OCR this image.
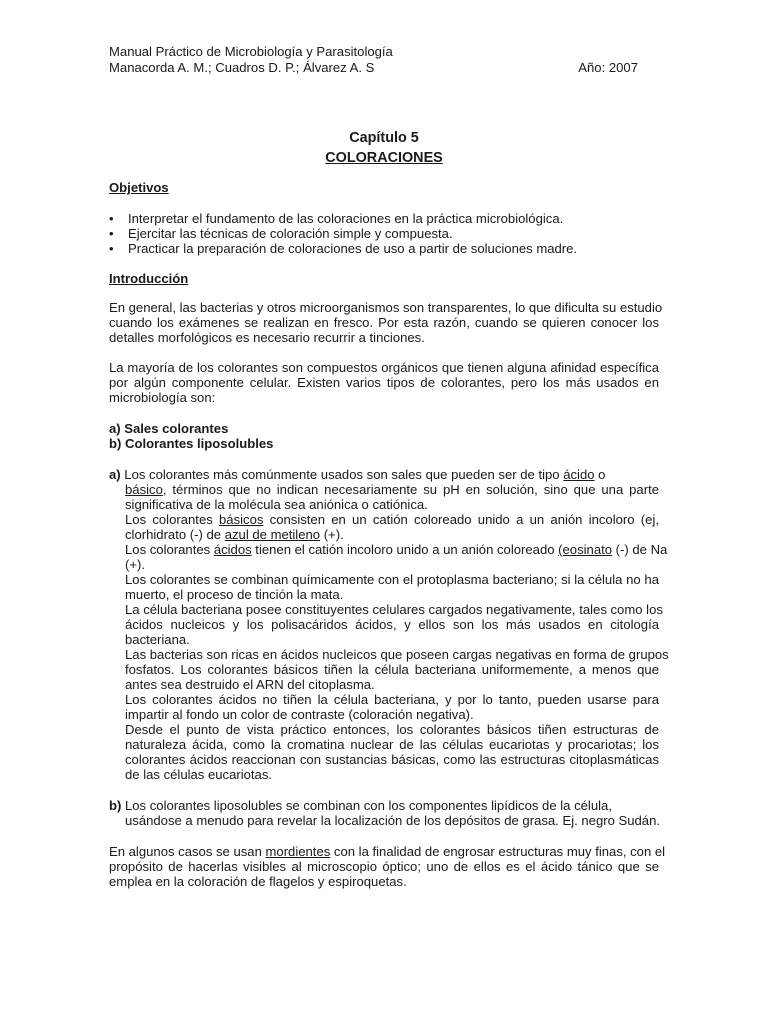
Manual Práctico de Microbiología y Parasitología
Manacorda A. M.; Cuadros D. P.; Álvarez A. S	Año: 2007
Capítulo 5
COLORACIONES
Objetivos
• Interpretar el fundamento de las coloraciones en la práctica microbiológica.
• Ejercitar las técnicas de coloración simple y compuesta.
• Practicar la preparación de coloraciones de uso a partir de soluciones madre.
Introducción
En general, las bacterias y otros microorganismos son transparentes, lo que dificulta su estudio
cuando los exámenes se realizan en fresco. Por esta razón, cuando se quieren conocer los
detalles morfológicos es necesario recurrir a tinciones.
La mayoría de los colorantes son compuestos orgánicos que tienen alguna afinidad específica
por algún componente celular. Existen varios tipos de colorantes, pero los más usados en
microbiología son:
a) Sales colorantes
b) Colorantes liposolubles
a) Los colorantes más comúnmente usados son sales que pueden ser de tipo ácido o
básico, términos que no indican necesariamente su pH en solución, sino que una parte
significativa de la molécula sea aniónica o catiónica.
Los colorantes básicos consisten en un catión coloreado unido a un anión incoloro (ej,
clorhidrato (-) de azul de metileno (+).
Los colorantes ácidos tienen el catión incoloro unido a un anión coloreado (eosinato (-) de Na
(+).
Los colorantes se combinan químicamente con el protoplasma bacteriano; si la célula no ha
muerto, el proceso de tinción la mata.
La célula bacteriana posee constituyentes celulares cargados negativamente, tales como los
ácidos nucleicos y los polisacáridos ácidos, y ellos son los más usados en citología
bacteriana.
Las bacterias son ricas en ácidos nucleicos que poseen cargas negativas en forma de grupos
fosfatos. Los colorantes básicos tiñen la célula bacteriana uniformemente, a menos que
antes sea destruido el ARN del citoplasma.
Los colorantes ácidos no tiñen la célula bacteriana, y por lo tanto, pueden usarse para
impartir al fondo un color de contraste (coloración negativa).
Desde el punto de vista práctico entonces, los colorantes básicos tiñen estructuras de
naturaleza ácida, como la cromatina nuclear de las células eucariotas y procariotas; los
colorantes ácidos reaccionan con sustancias básicas, como las estructuras citoplasmáticas
de las células eucariotas.
b) Los colorantes liposolubles se combinan con los componentes lipídicos de la célula,
usándose a menudo para revelar la localización de los depósitos de grasa. Ej. negro Sudán.
En algunos casos se usan mordientes con la finalidad de engrosar estructuras muy finas, con el
propósito de hacerlas visibles al microscopio óptico; uno de ellos es el ácido tánico que se
emplea en la coloración de flagelos y espiroquetas.
